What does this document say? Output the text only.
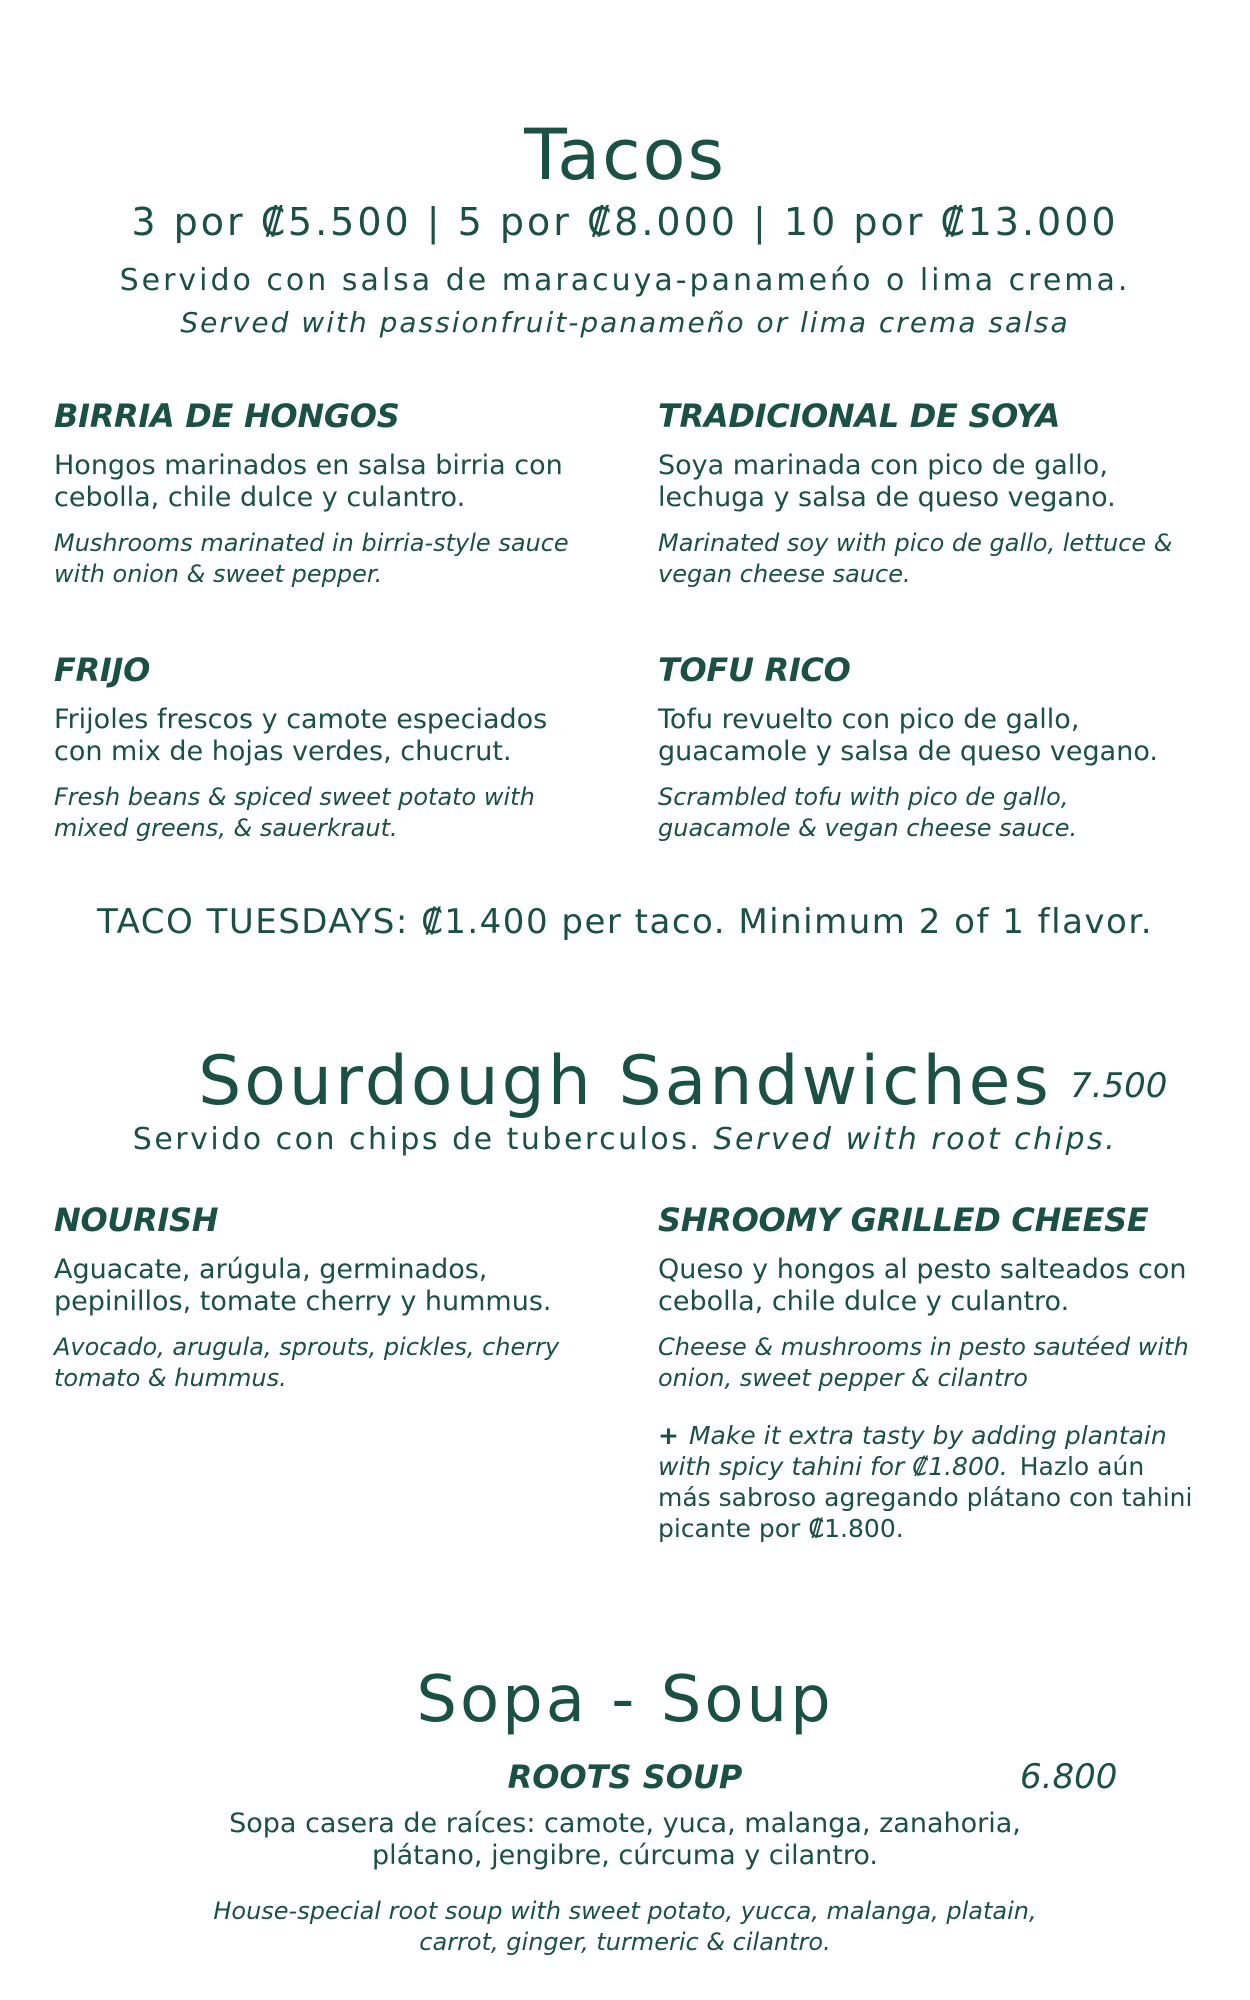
Tacos
3 por ₡5.500 | 5 por ₡8.000 | 10 por ₡13.000
Servido con salsa de maracuya-panameńo o lima crema.
Served with passionfruit-panameño or lima crema salsa
BIRRIA DE HONGOS
Hongos marinados en salsa birria con cebolla, chile dulce y culantro.
Mushrooms marinated in birria-style sauce with onion & sweet pepper.
TRADICIONAL DE SOYA
Soya marinada con pico de gallo, lechuga y salsa de queso vegano.
Marinated soy with pico de gallo, lettuce & vegan cheese sauce.
FRIJO
Frijoles frescos y camote especiados con mix de hojas verdes, chucrut.
Fresh beans & spiced sweet potato with mixed greens, & sauerkraut.
TOFU RICO
Tofu revuelto con pico de gallo, guacamole y salsa de queso vegano.
Scrambled tofu with pico de gallo, guacamole & vegan cheese sauce.
TACO TUESDAYS: ₡1.400 per taco. Minimum 2 of 1 flavor.
Sourdough Sandwiches 7.500
Servido con chips de tuberculos. Served with root chips.
NOURISH
Aguacate, arúgula, germinados, pepinillos, tomate cherry y hummus.
Avocado, arugula, sprouts, pickles, cherry tomato & hummus.
SHROOMY GRILLED CHEESE
Queso y hongos al pesto salteados con cebolla, chile dulce y culantro.
Cheese & mushrooms in pesto sautéed with onion, sweet pepper & cilantro
+ Make it extra tasty by adding plantain with spicy tahini for ₡1.800. Hazlo aún más sabroso agregando plátano con tahini picante por ₡1.800.
Sopa - Soup
ROOTS SOUP	6.800
Sopa casera de raíces: camote, yuca, malanga, zanahoria, plátano, jengibre, cúrcuma y cilantro.
House-special root soup with sweet potato, yucca, malanga, platain, carrot, ginger, turmeric & cilantro.
